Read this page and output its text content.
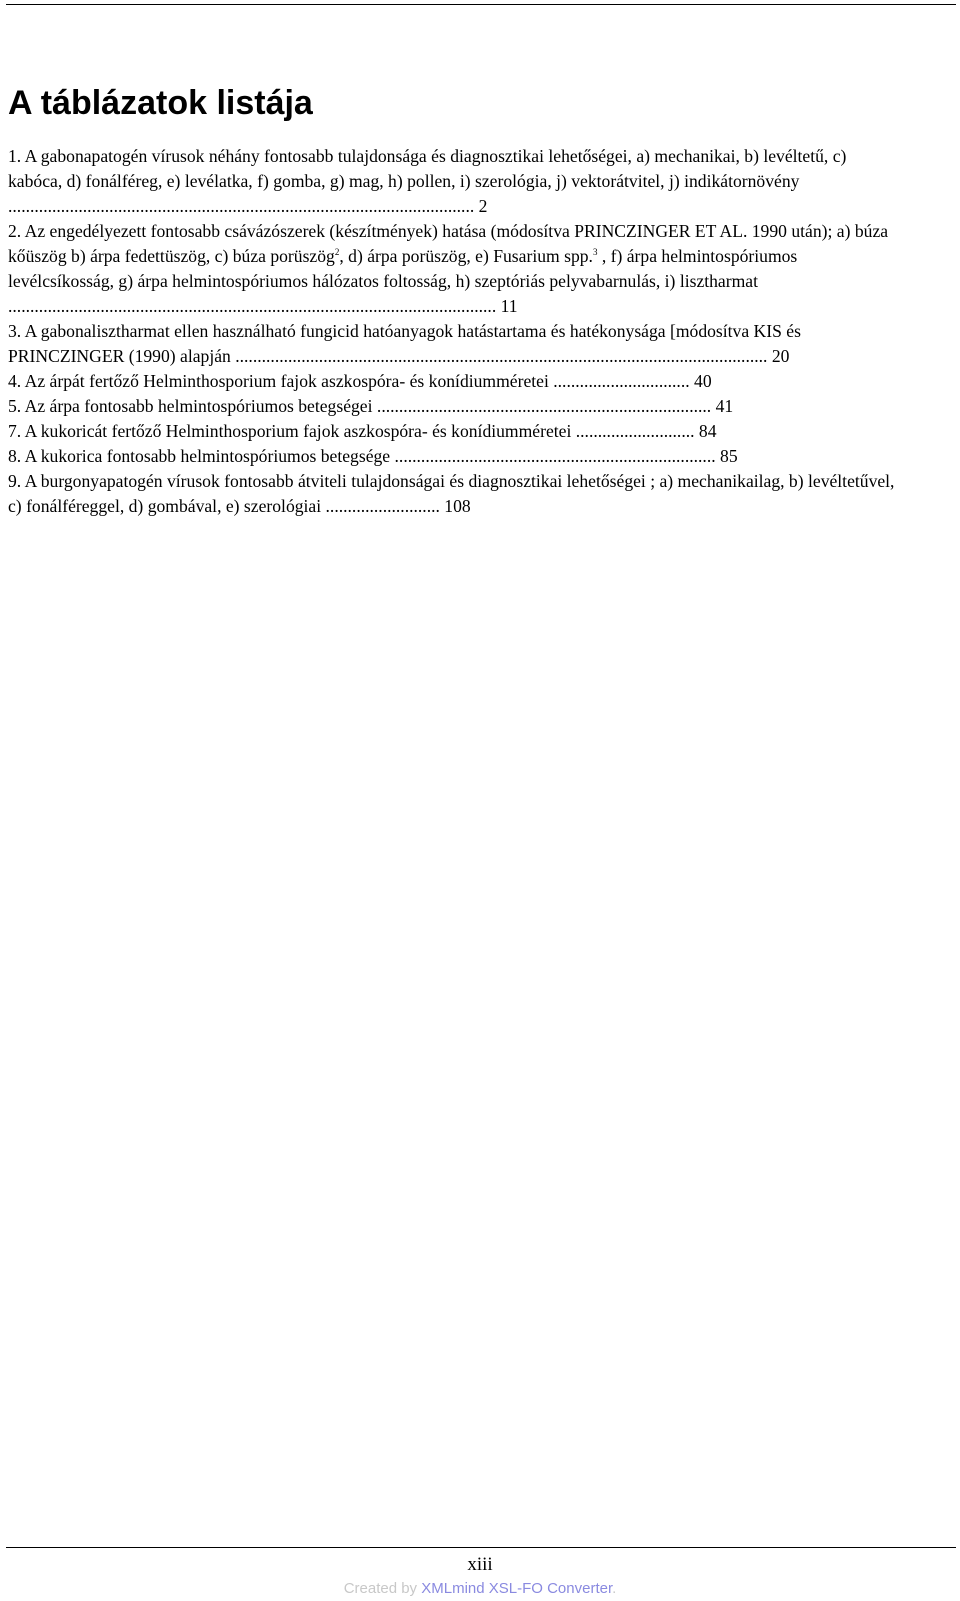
A táblázatok listája

1. A gabonapatogén vírusok néhány fontosabb tulajdonsága és diagnosztikai lehetőségei, a) mechanikai, b) levéltetű, c) kabóca, d) fonálféreg, e) levélatka, f) gomba, g) mag, h) pollen, i) szerológia, j) vektorátvitel, j) indikátornövény .......................................................................................................... 2

2. Az engedélyezett fontosabb csávázószerek (készítmények) hatása (módosítva PRINCZINGER ET AL. 1990 után); a) búza kőüszög b) árpa fedettüszög, c) búza porüszög$^2$, d) árpa porüszög, e) Fusarium spp.$^3$ , f) árpa helmintospóriumos levélcsíkosság, g) árpa helmintospóriumos hálózatos foltosság, h) szeptóriás pelyvabarnulás, i) lisztharmat ............................................................................................................... 11

3. A gabonalisztharmat ellen használható fungicid hatóanyagok hatástartama és hatékonysága [módosítva KIS és PRINCZINGER (1990) alapján ......................................................................................................................... 20

4. Az árpát fertőző Helminthosporium fajok aszkospóra- és konídiumméretei ............................... 40

5. Az árpa fontosabb helmintospóriumos betegségei ............................................................................ 41

7. A kukoricát fertőző Helminthosporium fajok aszkospóra- és konídiumméretei ........................... 84

8. A kukorica fontosabb helmintospóriumos betegsége ......................................................................... 85

9. A burgonyapatogén vírusok fontosabb átviteli tulajdonságai és diagnosztikai lehetőségei ; a) mechanikailag, b) levéltetűvel, c) fonálféreggel, d) gombával, e) szerológiai .......................... 108

xiii
Created by XMLmind XSL-FO Converter.
